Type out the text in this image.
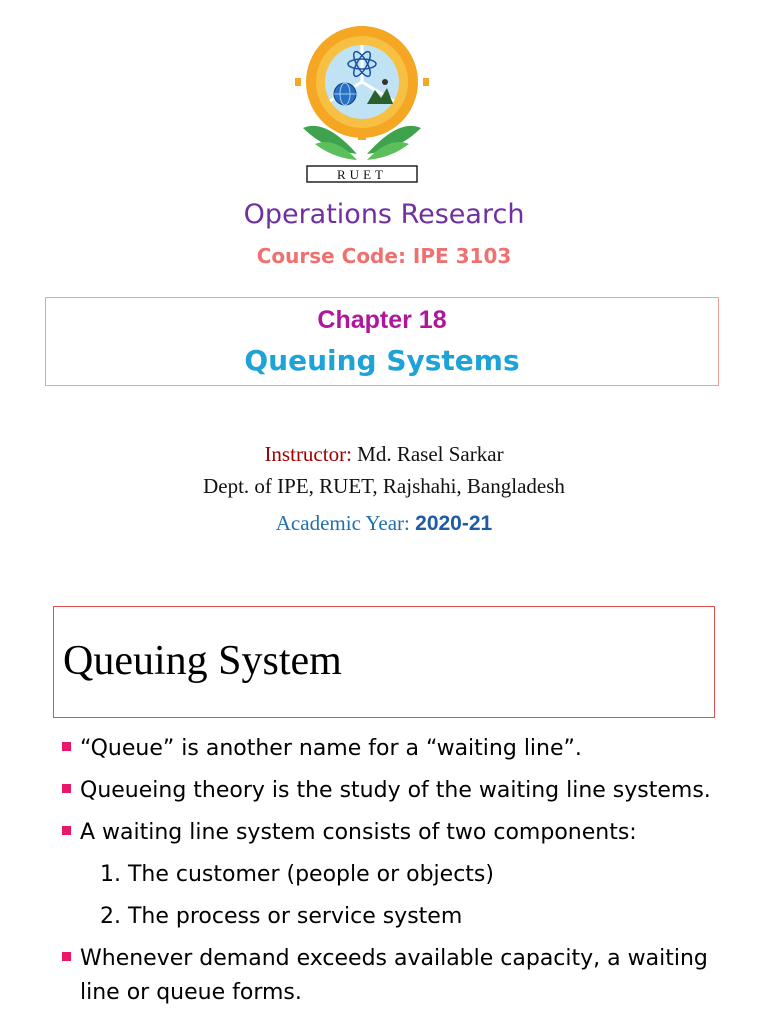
RUET
Operations Research
Course Code: IPE 3103
Chapter 18
Queuing Systems
Instructor: Md. Rasel Sarkar
Dept. of IPE, RUET, Rajshahi, Bangladesh
Academic Year: 2020-21
Queuing System
“Queue” is another name for a “waiting line”.
Queueing theory is the study of the waiting line systems.
A waiting line system consists of two components:
1. The customer (people or objects)
2. The process or service system
Whenever demand exceeds available capacity, a waiting line or queue forms.
